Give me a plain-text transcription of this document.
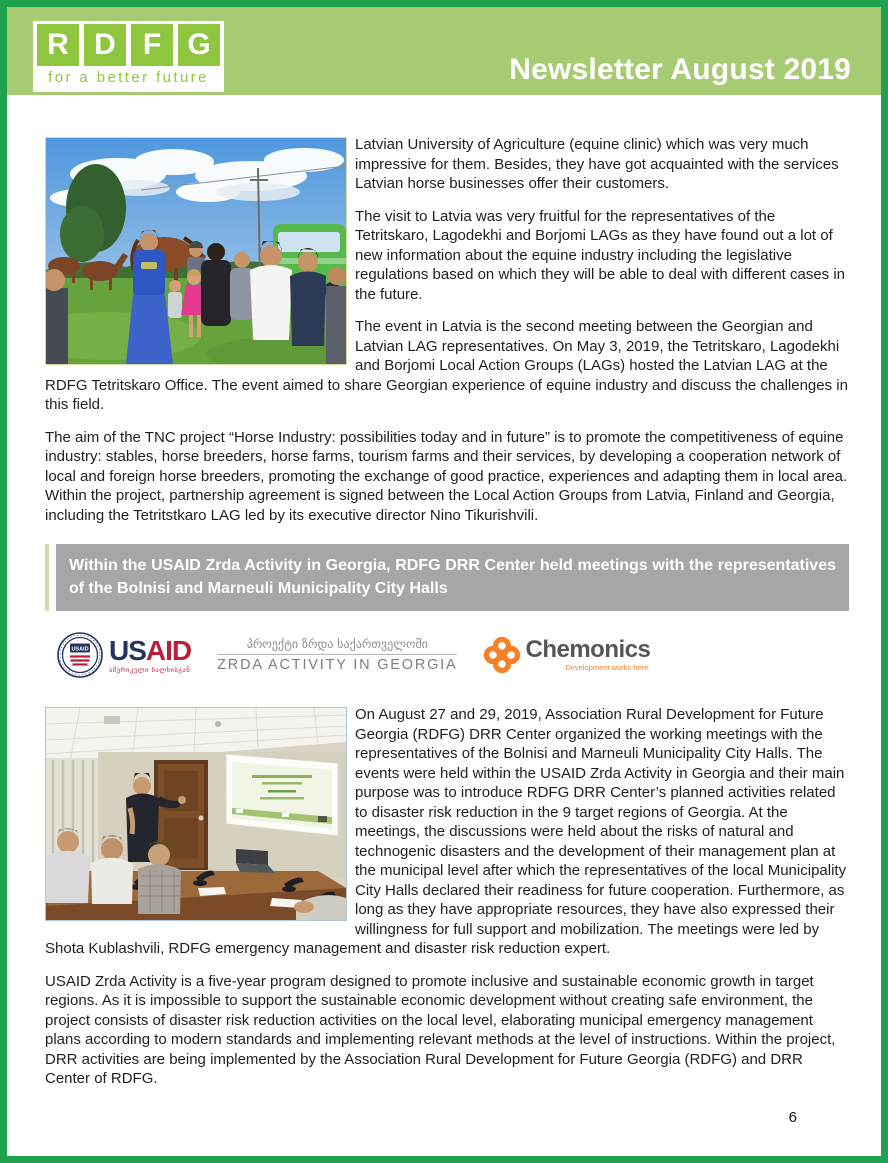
R D F G
for a better future	Newsletter August 2019

Latvian University of Agriculture (equine clinic) which was very much impressive for them. Besides, they have got acquainted with the services Latvian horse businesses offer their customers.

The visit to Latvia was very fruitful for the representatives of the Tetritskaro, Lagodekhi and Borjomi LAGs as they have found out a lot of new information about the equine industry including the legislative regulations based on which they will be able to deal with different cases in the future.

The event in Latvia is the second meeting between the Georgian and Latvian LAG representatives. On May 3, 2019, the Tetritskaro, Lagodekhi and Borjomi Local Action Groups (LAGs) hosted the Latvian LAG at the RDFG Tetritskaro Office. The event aimed to share Georgian experience of equine industry and discuss the challenges in this field.

The aim of the TNC project “Horse Industry: possibilities today and in future” is to promote the competitiveness of equine industry: stables, horse breeders, horse farms, tourism farms and their services, by developing a cooperation network of local and foreign horse breeders, promoting the exchange of good practice, experiences and adapting them in local area. Within the project, partnership agreement is signed between the Local Action Groups from Latvia, Finland and Georgia, including the Tetritstkaro LAG led by its executive director Nino Tikurishvili.

Within the USAID Zrda Activity in Georgia, RDFG DRR Center held meetings with the representatives of the Bolnisi and Marneuli Municipality City Halls

USAID USAID
ამერიკელი ხალხისგან
პროექტი ზრდა საქართველოში
ZRDA ACTIVITY IN GEORGIA
Chemonics
Development works here.

On August 27 and 29, 2019, Association Rural Development for Future Georgia (RDFG) DRR Center organized the working meetings with the representatives of the Bolnisi and Marneuli Municipality City Halls. The events were held within the USAID Zrda Activity in Georgia and their main purpose was to introduce RDFG DRR Center’s planned activities related to disaster risk reduction in the 9 target regions of Georgia. At the meetings, the discussions were held about the risks of natural and technogenic disasters and the development of their management plan at the municipal level after which the representatives of the local Municipality City Halls declared their readiness for future cooperation. Furthermore, as long as they have appropriate resources, they have also expressed their willingness for full support and mobilization. The meetings were led by Shota Kublashvili, RDFG emergency management and disaster risk reduction expert.

USAID Zrda Activity is a five-year program designed to promote inclusive and sustainable economic growth in target regions. As it is impossible to support the sustainable economic development without creating safe environment, the project consists of disaster risk reduction activities on the local level, elaborating municipal emergency management plans according to modern standards and implementing relevant methods at the level of instructions. Within the project, DRR activities are being implemented by the Association Rural Development for Future Georgia (RDFG) and DRR Center of RDFG.

6
